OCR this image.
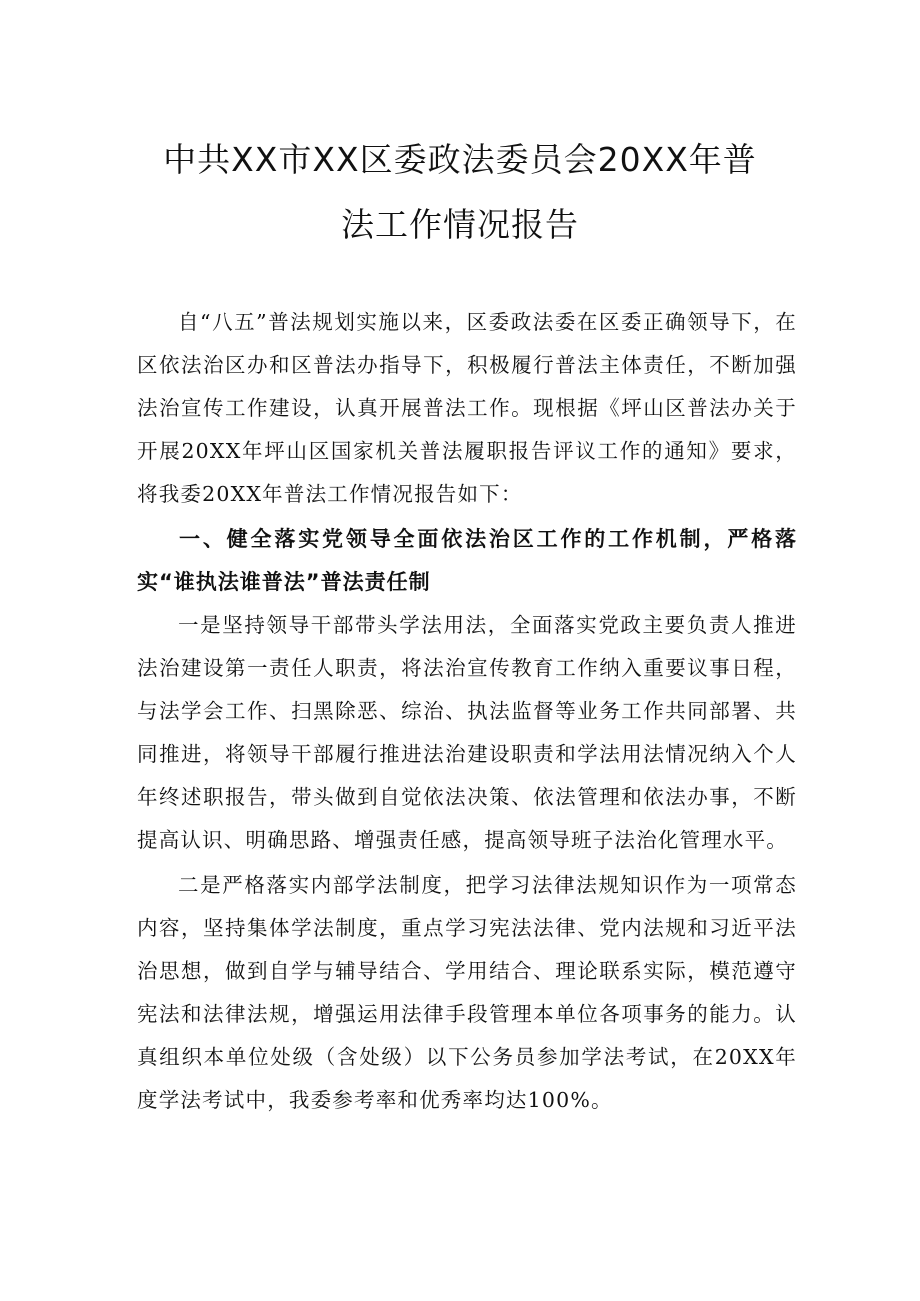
中共XX市XX区委政法委员会20XX年普
法工作情况报告

自“八五”普法规划实施以来，区委政法委在区委正确领导下，在区依法治区办和区普法办指导下，积极履行普法主体责任，不断加强法治宣传工作建设，认真开展普法工作。现根据《坪山区普法办关于开展20XX年坪山区国家机关普法履职报告评议工作的通知》要求，将我委20XX年普法工作情况报告如下：

一、健全落实党领导全面依法治区工作的工作机制，严格落实“谁执法谁普法”普法责任制

一是坚持领导干部带头学法用法，全面落实党政主要负责人推进法治建设第一责任人职责，将法治宣传教育工作纳入重要议事日程，与法学会工作、扫黑除恶、综治、执法监督等业务工作共同部署、共同推进，将领导干部履行推进法治建设职责和学法用法情况纳入个人年终述职报告，带头做到自觉依法决策、依法管理和依法办事，不断提高认识、明确思路、增强责任感，提高领导班子法治化管理水平。

二是严格落实内部学法制度，把学习法律法规知识作为一项常态内容，坚持集体学法制度，重点学习宪法法律、党内法规和习近平法治思想，做到自学与辅导结合、学用结合、理论联系实际，模范遵守宪法和法律法规，增强运用法律手段管理本单位各项事务的能力。认真组织本单位处级（含处级）以下公务员参加学法考试，在20XX年度学法考试中，我委参考率和优秀率均达100%。
